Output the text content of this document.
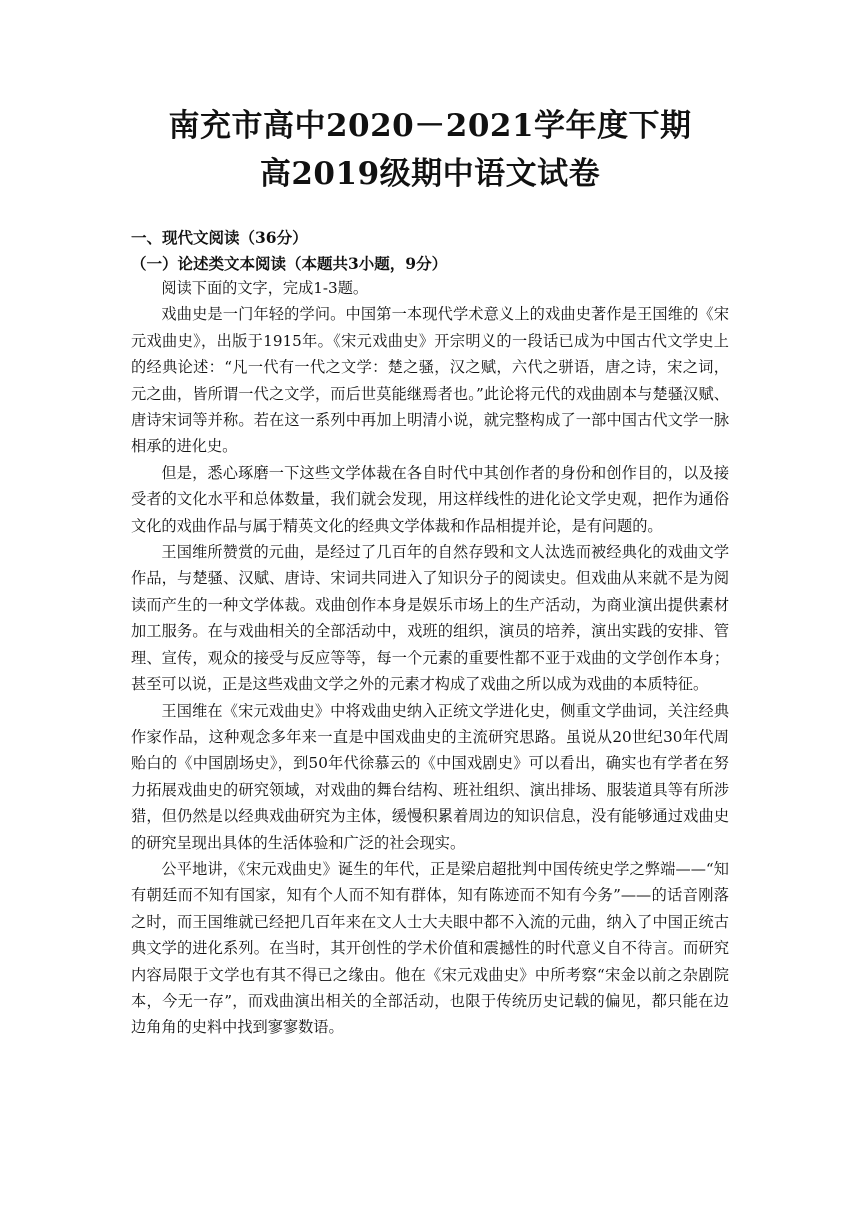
南充市高中2020－2021学年度下期
高2019级期中语文试卷
一、现代文阅读（36分）
（一）论述类文本阅读（本题共3小题，9分）

阅读下面的文字，完成1-3题。

戏曲史是一门年轻的学问。中国第一本现代学术意义上的戏曲史著作是王国维的《宋元戏曲史》，出版于1915年。《宋元戏曲史》开宗明义的一段话已成为中国古代文学史上的经典论述：“凡一代有一代之文学：楚之骚，汉之赋，六代之骈语，唐之诗，宋之词，元之曲，皆所谓一代之文学，而后世莫能继焉者也。”此论将元代的戏曲剧本与楚骚汉赋、唐诗宋词等并称。若在这一系列中再加上明清小说，就完整构成了一部中国古代文学一脉相承的进化史。

但是，悉心琢磨一下这些文学体裁在各自时代中其创作者的身份和创作目的，以及接受者的文化水平和总体数量，我们就会发现，用这样线性的进化论文学史观，把作为通俗文化的戏曲作品与属于精英文化的经典文学体裁和作品相提并论，是有问题的。

王国维所赞赏的元曲，是经过了几百年的自然存毁和文人汰选而被经典化的戏曲文学作品，与楚骚、汉赋、唐诗、宋词共同进入了知识分子的阅读史。但戏曲从来就不是为阅读而产生的一种文学体裁。戏曲创作本身是娱乐市场上的生产活动，为商业演出提供素材加工服务。在与戏曲相关的全部活动中，戏班的组织，演员的培养，演出实践的安排、管理、宣传，观众的接受与反应等等，每一个元素的重要性都不亚于戏曲的文学创作本身；甚至可以说，正是这些戏曲文学之外的元素才构成了戏曲之所以成为戏曲的本质特征。

王国维在《宋元戏曲史》中将戏曲史纳入正统文学进化史，侧重文学曲词，关注经典作家作品，这种观念多年来一直是中国戏曲史的主流研究思路。虽说从20世纪30年代周贻白的《中国剧场史》，到50年代徐慕云的《中国戏剧史》可以看出，确实也有学者在努力拓展戏曲史的研究领域，对戏曲的舞台结构、班社组织、演出排场、服装道具等有所涉猎，但仍然是以经典戏曲研究为主体，缓慢积累着周边的知识信息，没有能够通过戏曲史的研究呈现出具体的生活体验和广泛的社会现实。

公平地讲，《宋元戏曲史》诞生的年代，正是梁启超批判中国传统史学之弊端——“知有朝廷而不知有国家，知有个人而不知有群体，知有陈迹而不知有今务”——的话音刚落之时，而王国维就已经把几百年来在文人士大夫眼中都不入流的元曲，纳入了中国正统古典文学的进化系列。在当时，其开创性的学术价值和震撼性的时代意义自不待言。而研究内容局限于文学也有其不得已之缘由。他在《宋元戏曲史》中所考察“宋金以前之杂剧院本，今无一存”，而戏曲演出相关的全部活动，也限于传统历史记载的偏见，都只能在边边角角的史料中找到寥寥数语。
